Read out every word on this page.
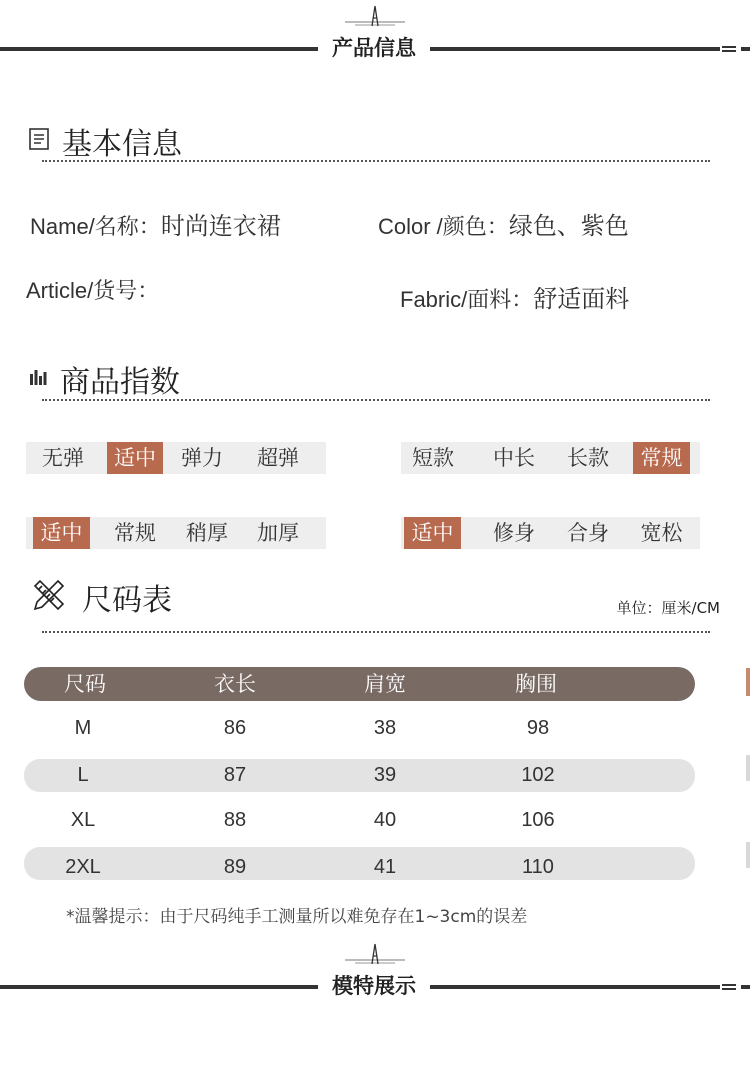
产品信息
基本信息
Name/名称：时尚连衣裙	Color /颜色：绿色、紫色
Article/货号：	Fabric/面料：舒适面料
商品指数
无弹	适中	弹力	超弹	短款	中长	长款	常规
适中	常规	稍厚	加厚	适中	修身	合身	宽松
尺码表	单位：厘米/CM
尺码	衣长	肩宽	胸围
M	86	38	98
L	87	39	102
XL	88	40	106
2XL	89	41	110
*温馨提示：由于尺码纯手工测量所以难免存在1~3cm的误差
模特展示
